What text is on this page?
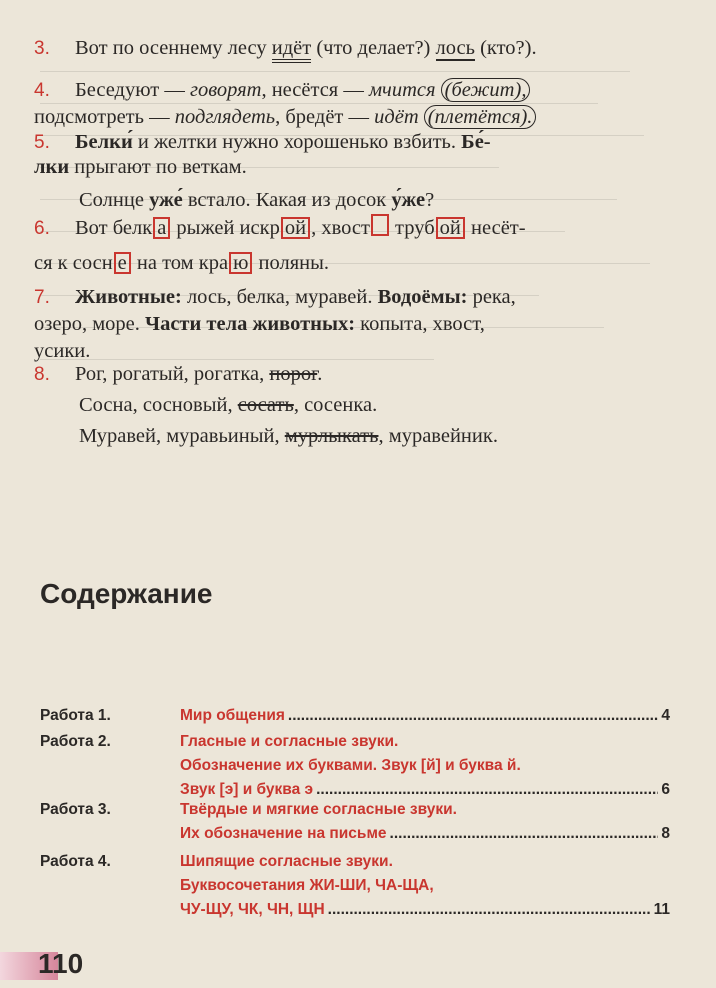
3. Вот по осеннему лесу идёт (что делает?) лось (кто?).
4. Беседуют — говорят, несётся — мчится (бежит),
подсмотреть — подглядеть, бредёт — идёт (плетётся).
5. Белки́ и желтки нужно хорошенько взбить. Бе́-
лки прыгают по веткам.
Солнце уже́ встало. Какая из досок у́же?
6. Вот белк а рыжей искр ой , хвост труб ой несёт-
ся к сосн е на том кра ю поляны.
7. Животные: лось, белка, муравей. Водоёмы: река,
озеро, море. Части тела животных: копыта, хвост,
усики.
8. Рог, рогатый, рогатка, порог.
Сосна, сосновый, сосать, сосенка.
Муравей, муравьиный, мурлыкать, муравейник.
Содержание
Работа 1.	Мир общения .....	4
Работа 2.	Гласные и согласные звуки.
Обозначение их буквами. Звук [й] и буква й.
Звук [э] и буква э .....	6
Работа 3.	Твёрдые и мягкие согласные звуки.
Их обозначение на письме .....	8
Работа 4.	Шипящие согласные звуки.
Буквосочетания ЖИ-ШИ, ЧА-ЩА,
ЧУ-ЩУ, ЧК, ЧН, ЩН .....	11
110
